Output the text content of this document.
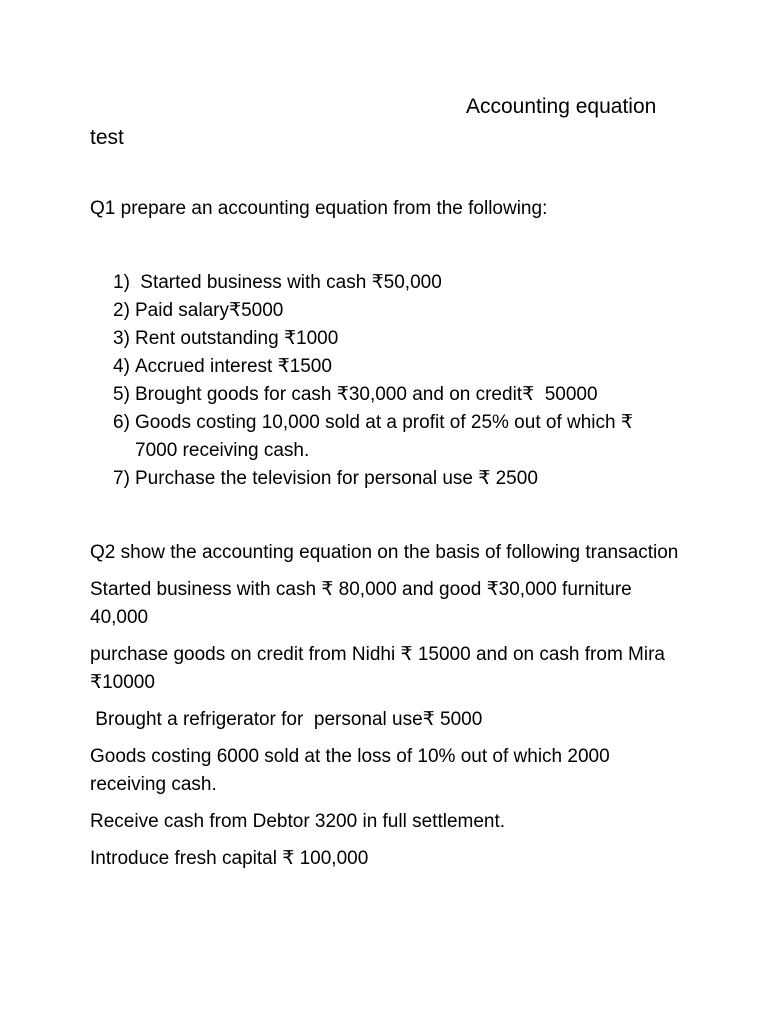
Accounting equation
test
Q1 prepare an accounting equation from the following:
1) Started business with cash ₹50,000
2) Paid salary₹5000
3) Rent outstanding ₹1000
4) Accrued interest ₹1500
5) Brought goods for cash ₹30,000 and on credit₹  50000
6) Goods costing 10,000 sold at a profit of 25% out of which ₹ 7000 receiving cash.
7) Purchase the television for personal use ₹ 2500

Q2 show the accounting equation on the basis of following transaction

Started business with cash ₹ 80,000 and good ₹30,000 furniture 40,000

purchase goods on credit from Nidhi ₹ 15000 and on cash from Mira ₹10000

Brought a refrigerator for  personal use₹ 5000

Goods costing 6000 sold at the loss of 10% out of which 2000 receiving cash.

Receive cash from Debtor 3200 in full settlement.

Introduce fresh capital ₹ 100,000
